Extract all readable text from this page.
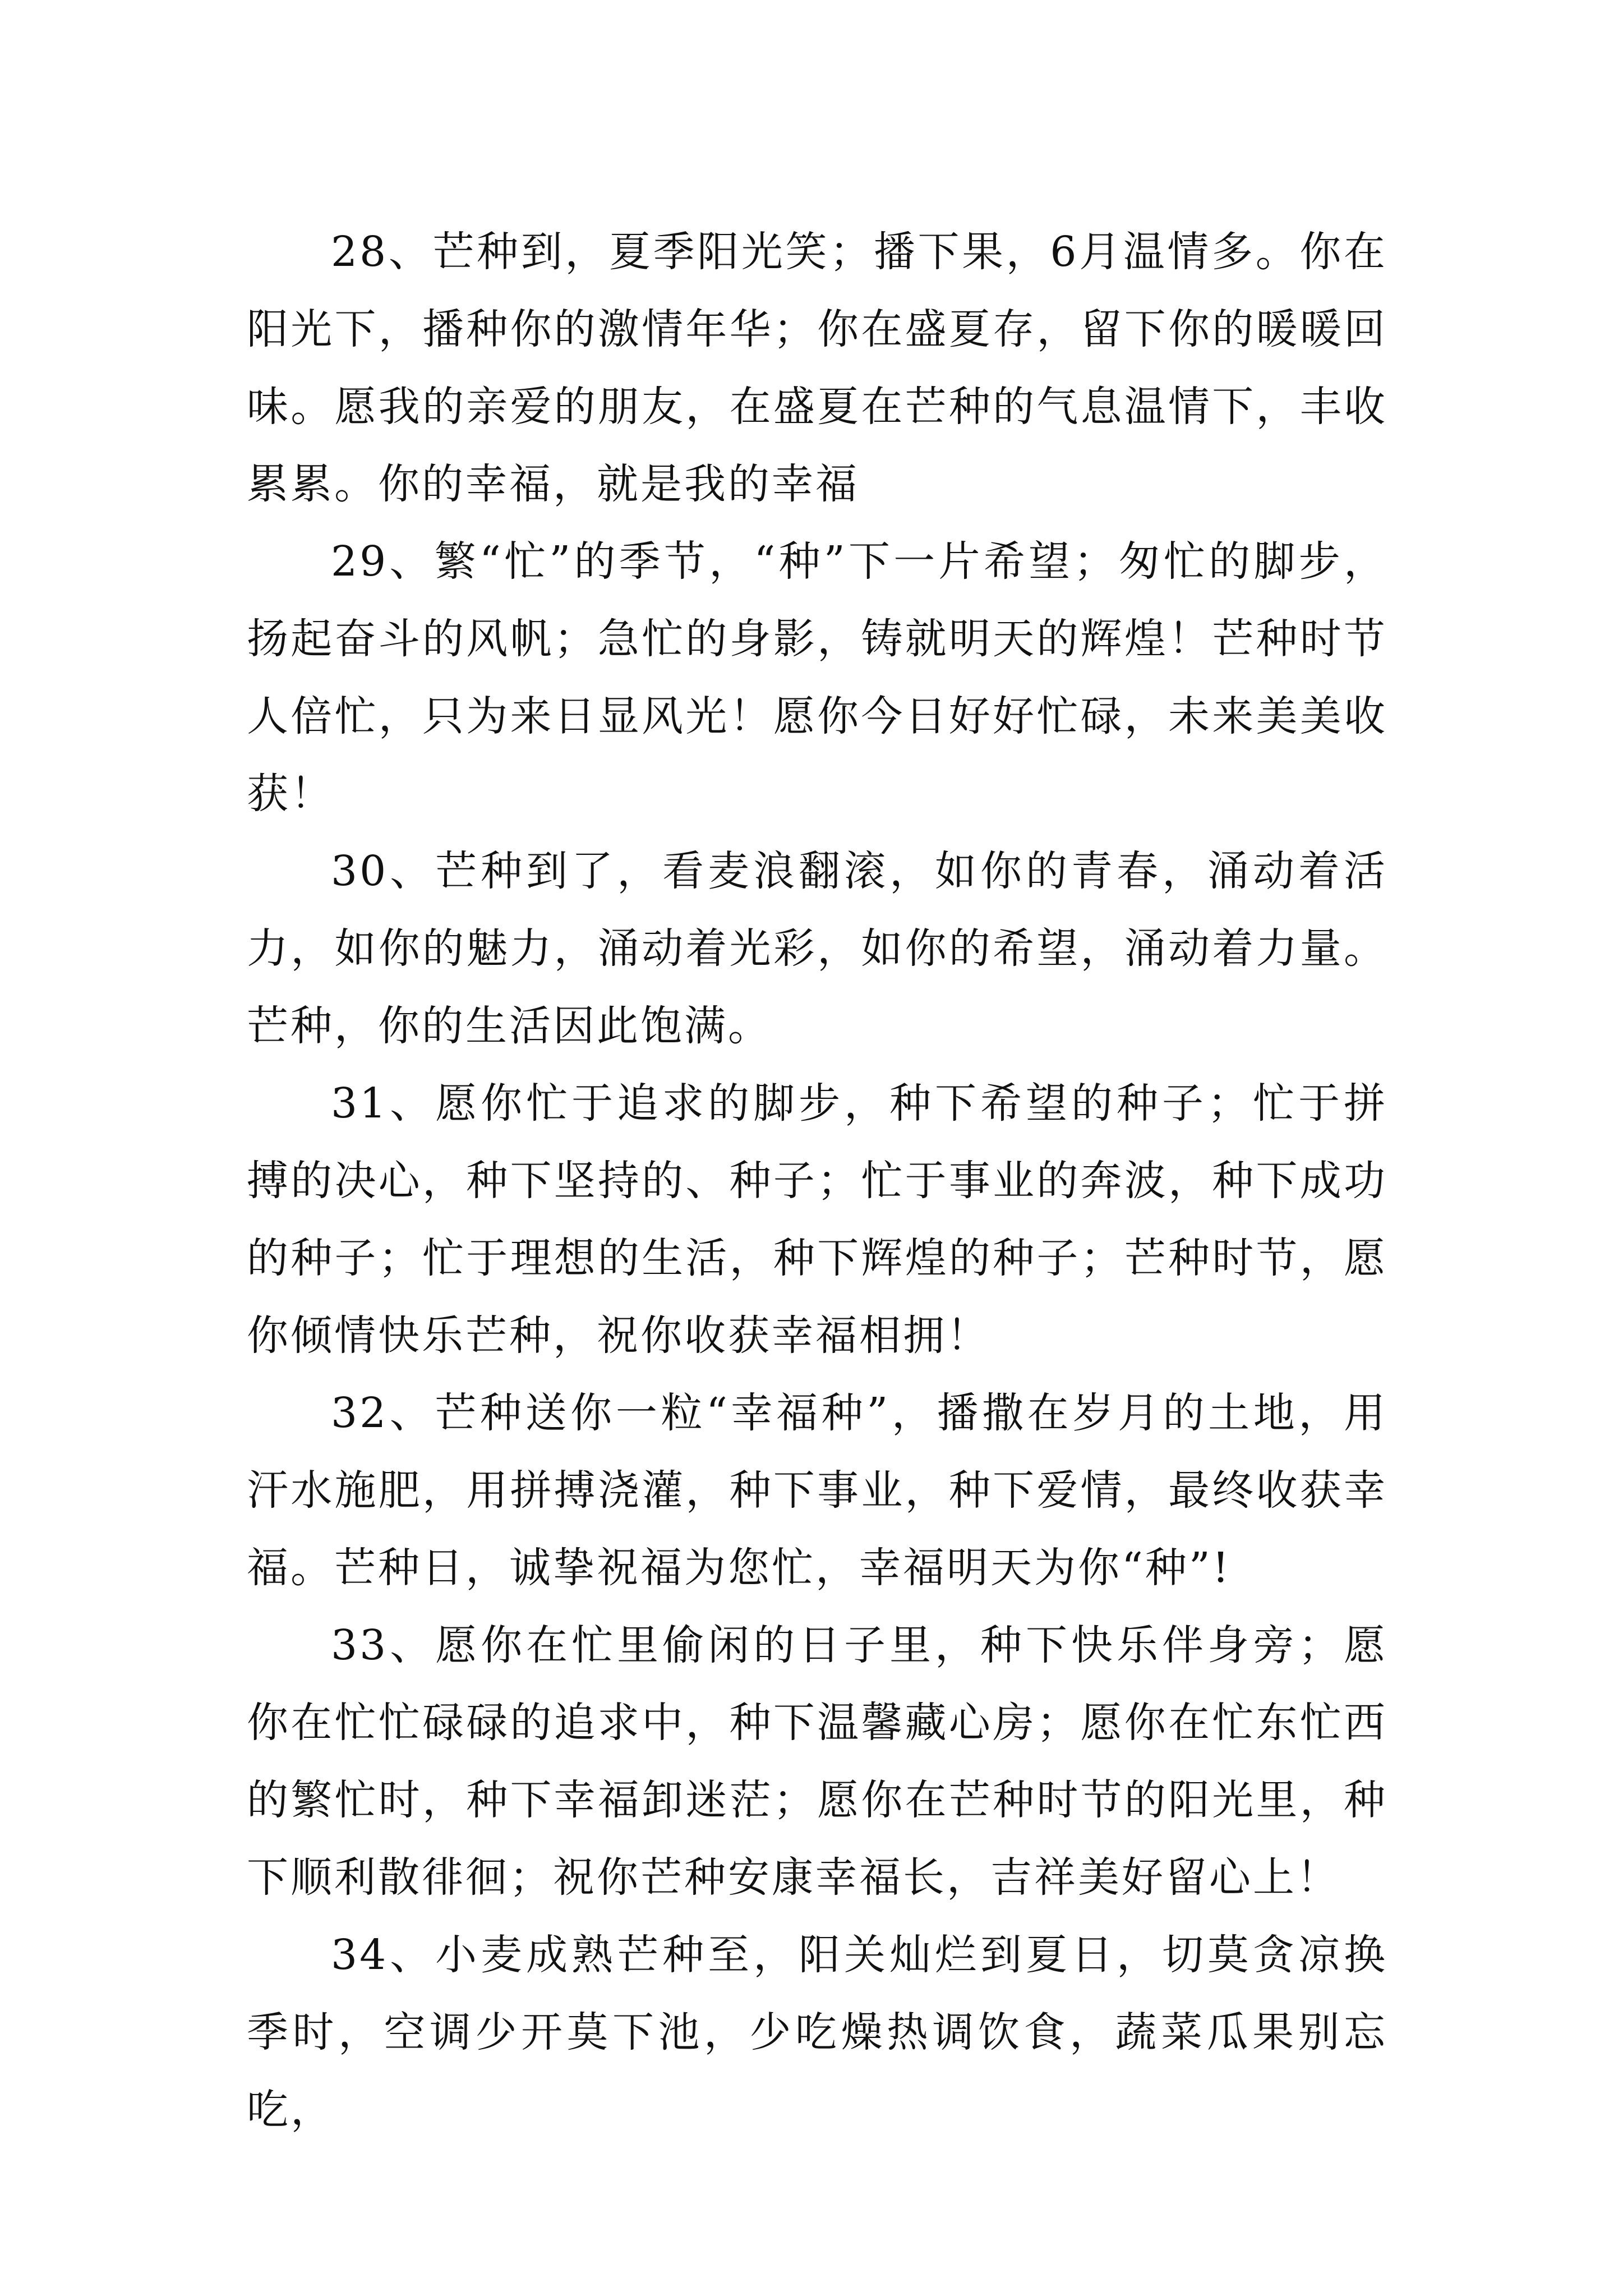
28、芒种到，夏季阳光笑；播下果，6月温情多。你在阳光下，播种你的激情年华；你在盛夏存，留下你的暖暖回味。愿我的亲爱的朋友，在盛夏在芒种的气息温情下，丰收累累。你的幸福，就是我的幸福

29、繁“忙”的季节，“种”下一片希望；匆忙的脚步，扬起奋斗的风帆；急忙的身影，铸就明天的辉煌！芒种时节人倍忙，只为来日显风光！愿你今日好好忙碌，未来美美收获！

30、芒种到了，看麦浪翻滚，如你的青春，涌动着活力，如你的魅力，涌动着光彩，如你的希望，涌动着力量。芒种，你的生活因此饱满。

31、愿你忙于追求的脚步，种下希望的种子；忙于拼搏的决心，种下坚持的、种子；忙于事业的奔波，种下成功的种子；忙于理想的生活，种下辉煌的种子；芒种时节，愿你倾情快乐芒种，祝你收获幸福相拥！

32、芒种送你一粒“幸福种”，播撒在岁月的土地，用汗水施肥，用拼搏浇灌，种下事业，种下爱情，最终收获幸福。芒种日，诚挚祝福为您忙，幸福明天为你“种”!

33、愿你在忙里偷闲的日子里，种下快乐伴身旁；愿你在忙忙碌碌的追求中，种下温馨藏心房；愿你在忙东忙西的繁忙时，种下幸福卸迷茫；愿你在芒种时节的阳光里，种下顺利散徘徊；祝你芒种安康幸福长，吉祥美好留心上！

34、小麦成熟芒种至，阳关灿烂到夏日，切莫贪凉换季时，空调少开莫下池，少吃燥热调饮食，蔬菜瓜果别忘吃，
